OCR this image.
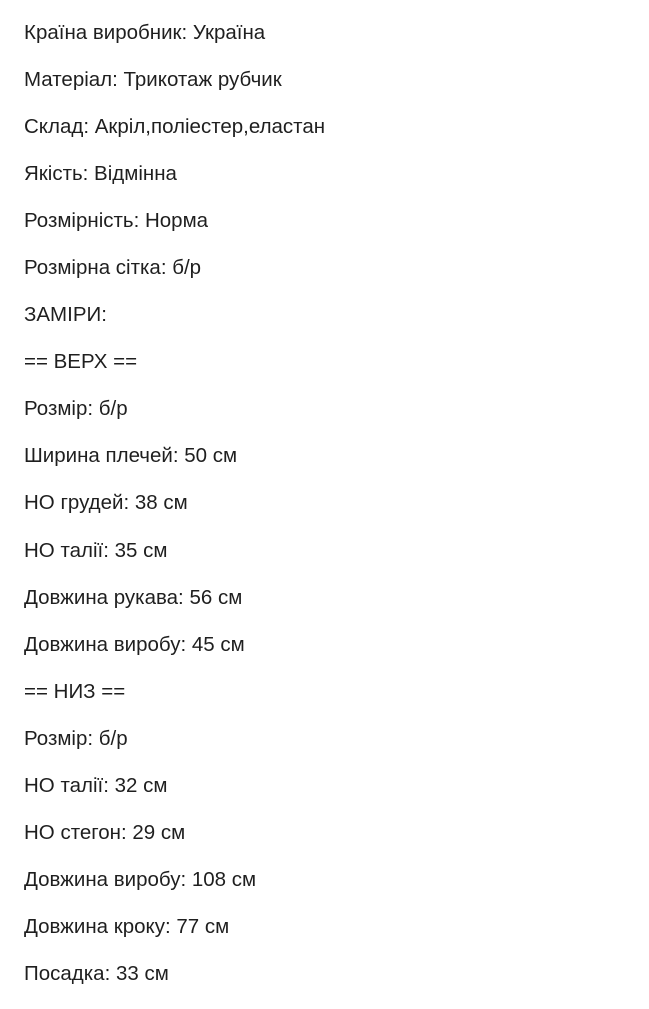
Країна виробник: Україна
Матеріал: Трикотаж рубчик
Склад: Акріл,поліестер,еластан
Якість: Відмінна
Розмірність: Норма
Розмірна сітка: б/р
ЗАМІРИ:
== ВЕРХ ==
Розмір: б/р
Ширина плечей: 50 см
НО грудей: 38 см
НО талії: 35 см
Довжина рукава: 56 см
Довжина виробу: 45 см
== НИЗ ==
Розмір: б/р
НО талії: 32 см
НО стегон: 29 см
Довжина виробу: 108 см
Довжина кроку: 77 см
Посадка: 33 см
